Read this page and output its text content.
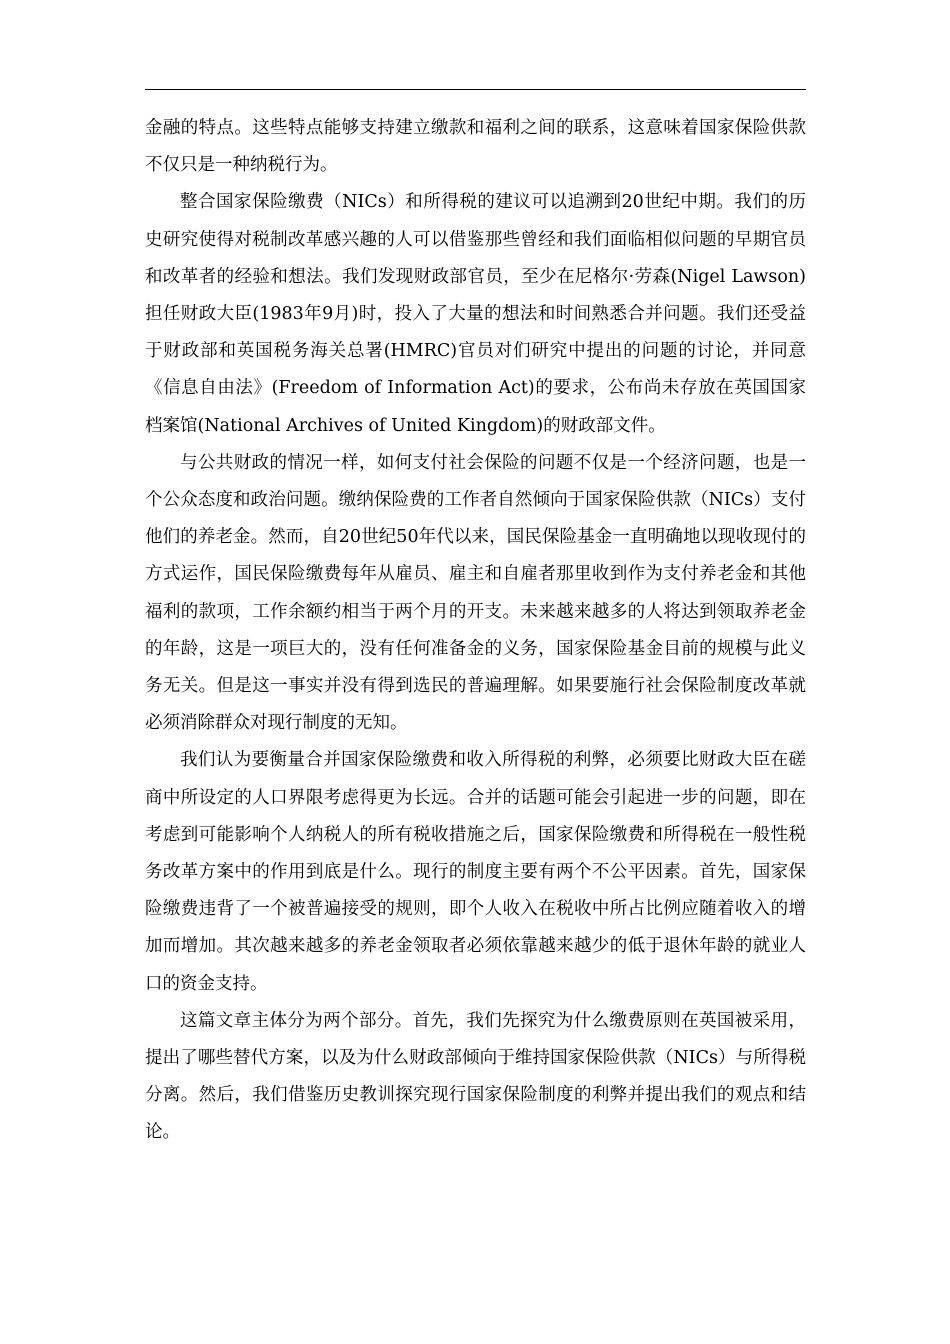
金融的特点。这些特点能够支持建立缴款和福利之间的联系，这意味着国家保险供款不仅只是一种纳税行为。

整合国家保险缴费（NICs）和所得税的建议可以追溯到20世纪中期。我们的历史研究使得对税制改革感兴趣的人可以借鉴那些曾经和我们面临相似问题的早期官员和改革者的经验和想法。我们发现财政部官员，至少在尼格尔·劳森(Nigel Lawson)担任财政大臣(1983年9月)时，投入了大量的想法和时间熟悉合并问题。我们还受益于财政部和英国税务海关总署(HMRC)官员对们研究中提出的问题的讨论，并同意《信息自由法》(Freedom of Information Act)的要求，公布尚未存放在英国国家档案馆(National Archives of United Kingdom)的财政部文件。

与公共财政的情况一样，如何支付社会保险的问题不仅是一个经济问题，也是一个公众态度和政治问题。缴纳保险费的工作者自然倾向于国家保险供款（NICs）支付他们的养老金。然而，自20世纪50年代以来，国民保险基金一直明确地以现收现付的方式运作，国民保险缴费每年从雇员、雇主和自雇者那里收到作为支付养老金和其他福利的款项，工作余额约相当于两个月的开支。未来越来越多的人将达到领取养老金的年龄，这是一项巨大的，没有任何准备金的义务，国家保险基金目前的规模与此义务无关。但是这一事实并没有得到选民的普遍理解。如果要施行社会保险制度改革就必须消除群众对现行制度的无知。

我们认为要衡量合并国家保险缴费和收入所得税的利弊，必须要比财政大臣在磋商中所设定的人口界限考虑得更为长远。合并的话题可能会引起进一步的问题，即在考虑到可能影响个人纳税人的所有税收措施之后，国家保险缴费和所得税在一般性税务改革方案中的作用到底是什么。现行的制度主要有两个不公平因素。首先，国家保险缴费违背了一个被普遍接受的规则，即个人收入在税收中所占比例应随着收入的增加而增加。其次越来越多的养老金领取者必须依靠越来越少的低于退休年龄的就业人口的资金支持。

这篇文章主体分为两个部分。首先，我们先探究为什么缴费原则在英国被采用，提出了哪些替代方案，以及为什么财政部倾向于维持国家保险供款（NICs）与所得税分离。然后，我们借鉴历史教训探究现行国家保险制度的利弊并提出我们的观点和结论。
